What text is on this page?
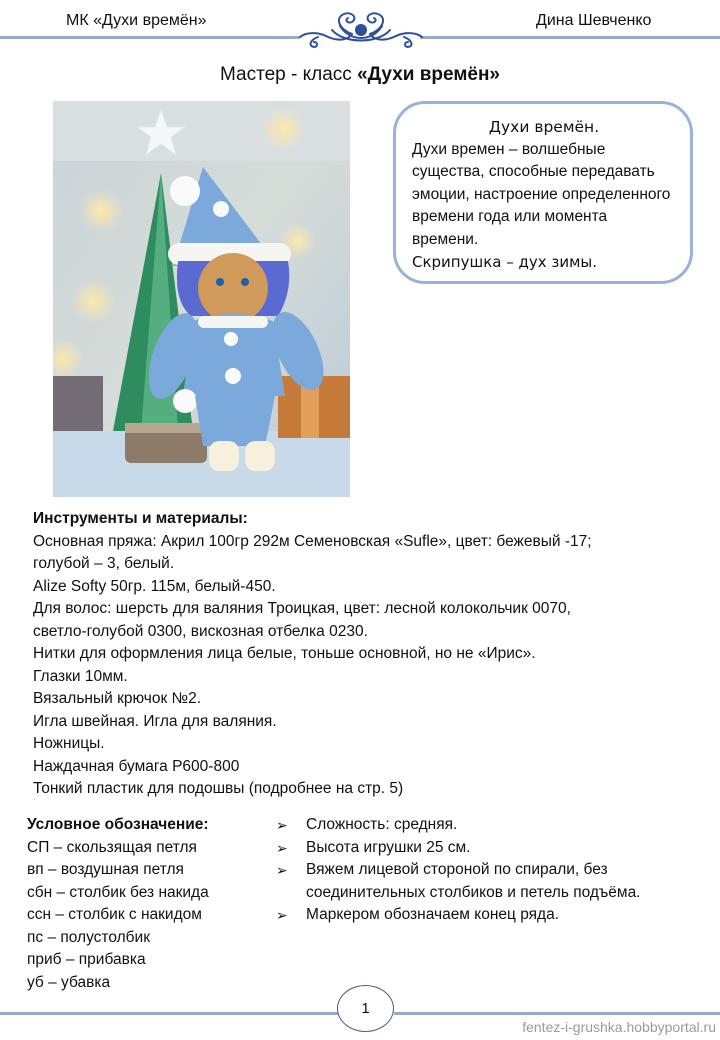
МК «Духи времён»	Дина Шевченко
Мастер - класс «Духи времён»
Духи времён.
Духи времен – волшебные существа, способные передавать эмоции, настроение определенного времени года или момента времени.
Скрипушка – дух зимы.
Инструменты и материалы:
Основная пряжа: Акрил 100гр 292м Семеновская «Sufle», цвет: бежевый -17;
голубой – 3, белый.
Alize Softy 50гр. 115м, белый-450.
Для волос: шерсть для валяния Троицкая, цвет: лесной колокольчик 0070,
светло-голубой 0300, вискозная отбелка 0230.
Нитки для оформления лица белые, тоньше основной, но не «Ирис».
Глазки 10мм.
Вязальный крючок №2.
Игла швейная. Игла для валяния.
Ножницы.
Наждачная бумага Р600-800
Тонкий пластик для подошвы (подробнее на стр. 5)
Условное обозначение:
СП – скользящая петля
вп – воздушная петля
сбн – столбик без накида
ссн – столбик с накидом
пс – полустолбик
приб – прибавка
уб – убавка
➢	Сложность: средняя.
➢	Высота игрушки 25 см.
➢	Вяжем лицевой стороной по спирали, без соединительных столбиков и петель подъёма.
➢	Маркером обозначаем конец ряда.
1
fentez-i-grushka.hobbyportal.ru
